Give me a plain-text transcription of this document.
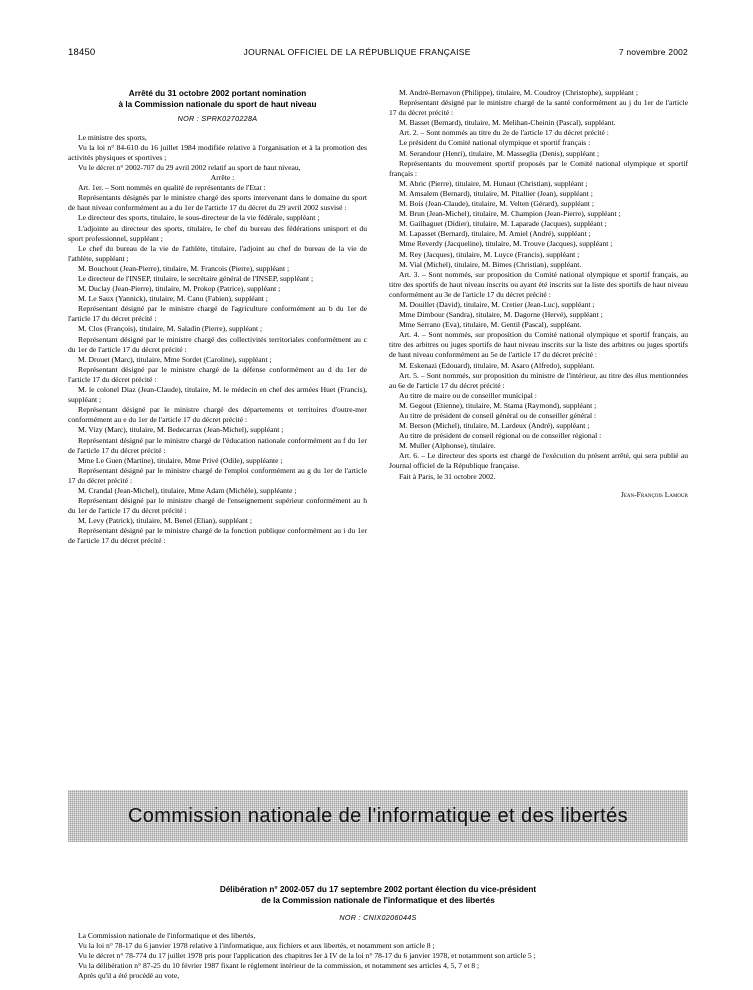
18450	JOURNAL OFFICIEL DE LA RÉPUBLIQUE FRANÇAISE	7 novembre 2002
Arrêté du 31 octobre 2002 portant nomination
à la Commission nationale du sport de haut niveau
NOR : SPRK0270228A

Le ministre des sports,

Vu la loi n° 84-610 du 16 juillet 1984 modifiée relative à l'organisation et à la promotion des activités physiques et sportives ;

Vu le décret n° 2002-707 du 29 avril 2002 relatif au sport de haut niveau,

Arrête :

Art. 1er. – Sont nommés en qualité de représentants de l'Etat :

Représentants désignés par le ministre chargé des sports intervenant dans le domaine du sport de haut niveau conformément au a du 1er de l'article 17 du décret du 29 avril 2002 susvisé :

Le directeur des sports, titulaire, le sous-directeur de la vie fédérale, suppléant ;

L'adjointe au directeur des sports, titulaire, le chef du bureau des fédérations unisport et du sport professionnel, suppléant ;

Le chef du bureau de la vie de l'athlète, titulaire, l'adjoint au chef de bureau de la vie de l'athlète, suppléant ;

M. Bouchout (Jean-Pierre), titulaire, M. Francois (Pierre), suppléant ;

Le directeur de l'INSEP, titulaire, le secrétaire général de l'INSEP, suppléant ;

M. Duclay (Jean-Pierre), titulaire, M. Prokop (Patrice), suppléant ;

M. Le Saux (Yannick), titulaire, M. Canu (Fabien), suppléant ;

Représentant désigné par le ministre chargé de l'agriculture conformément au b du 1er de l'article 17 du décret précité :

M. Clos (François), titulaire, M. Saladin (Pierre), suppléant ;

Représentant désigné par le ministre chargé des collectivités territoriales conformément au c du 1er de l'article 17 du décret précité :

M. Drouet (Marc), titulaire, Mme Sordet (Caroline), suppléant ;

Représentant désigné par le ministre chargé de la défense conformément au d du 1er de l'article 17 du décret précité :

M. le colonel Diaz (Jean-Claude), titulaire, M. le médecin en chef des armées Huet (Francis), suppléant ;

Représentant désigné par le ministre chargé des départements et territoires d'outre-mer conformément au e du 1er de l'article 17 du décret précité :

M. Vizy (Marc), titulaire, M. Bedecarrax (Jean-Michel), suppléant ;

Représentant désigné par le ministre chargé de l'éducation nationale conformément au f du 1er de l'article 17 du décret précité :

Mme Le Guen (Martine), titulaire, Mme Privé (Odile), suppléante ;

Représentant désigné par le ministre chargé de l'emploi conformément au g du 1er de l'article 17 du décret précité :

M. Crandal (Jean-Michel), titulaire, Mme Adam (Michèle), suppléante ;

Représentant désigné par le ministre chargé de l'enseignement supérieur conformément au h du 1er de l'article 17 du décret précité :

M. Levy (Patrick), titulaire, M. Benel (Elian), suppléant ;

Représentant désigné par le ministre chargé de la fonction publique conformément au i du 1er de l'article 17 du décret précité :

M. André-Bernavon (Philippe), titulaire, M. Coudroy (Christophe), suppléant ;

Représentant désigné par le ministre chargé de la santé conformément au j du 1er de l'article 17 du décret précité :

M. Basset (Bernard), titulaire, M. Melihan-Cheinin (Pascal), suppléant.

Art. 2. – Sont nommés au titre du 2e de l'article 17 du décret précité :

Le président du Comité national olympique et sportif français :

M. Serandour (Henri), titulaire, M. Masseglia (Denis), suppléant ;

Représentants du mouvement sportif proposés par le Comité national olympique et sportif français :

M. Abric (Pierre), titulaire, M. Hunaut (Christian), suppléant ;

M. Amsalem (Bernard), titulaire, M. Pitallier (Jean), suppléant ;

M. Bois (Jean-Claude), titulaire, M. Velten (Gérard), suppléant ;

M. Brun (Jean-Michel), titulaire, M. Champion (Jean-Pierre), suppléant ;

M. Gailhaguet (Didier), titulaire, M. Laparade (Jacques), suppléant ;

M. Lapasset (Bernard), titulaire, M. Amiel (André), suppléant ;

Mme Reverdy (Jacqueline), titulaire, M. Trouve (Jacques), suppléant ;

M. Rey (Jacques), titulaire, M. Luyce (Francis), suppléant ;

M. Vial (Michel), titulaire, M. Bimes (Christian), suppléant.

Art. 3. – Sont nommés, sur proposition du Comité national olympique et sportif français, au titre des sportifs de haut niveau inscrits ou ayant été inscrits sur la liste des sportifs de haut niveau conformément au 3e de l'article 17 du décret précité :

M. Douillet (David), titulaire, M. Cretier (Jean-Luc), suppléant ;

Mme Dimbour (Sandra), titulaire, M. Dagorne (Hervé), suppléant ;

Mme Serrano (Eva), titulaire, M. Gentil (Pascal), suppléant.

Art. 4. – Sont nommés, sur proposition du Comité national olympique et sportif français, au titre des arbitres ou juges sportifs de haut niveau inscrits sur la liste des arbitres ou juges sportifs de haut niveau conformément au 5e de l'article 17 du décret précité :

M. Eskenazi (Edouard), titulaire, M. Asaro (Alfredo), suppléant.

Art. 5. – Sont nommés, sur proposition du ministre de l'intérieur, au titre des élus mentionnées au 6e de l'article 17 du décret précité :

Au titre de maire ou de conseiller municipal :

M. Gegout (Etienne), titulaire, M. Stama (Raymond), suppléant ;

Au titre de président de conseil général ou de conseiller général :

M. Berson (Michel), titulaire, M. Lardeux (André), suppléant ;

Au titre de président de conseil régional ou de conseiller régional :

M. Muller (Alphonse), titulaire.

Art. 6. – Le directeur des sports est chargé de l'exécution du présent arrêté, qui sera publié au Journal officiel de la République française.

Fait à Paris, le 31 octobre 2002.

Jean-François Lamour
Commission nationale de l'informatique et des libertés
Délibération n° 2002-057 du 17 septembre 2002 portant élection du vice-président
de la Commission nationale de l'informatique et des libertés
NOR : CNIX0206044S

La Commission nationale de l'informatique et des libertés,

Vu la loi n° 78-17 du 6 janvier 1978 relative à l'informatique, aux fichiers et aux libertés, et notamment son article 8 ;

Vu le décret n° 78-774 du 17 juillet 1978 pris pour l'application des chapitres Ier à IV de la loi n° 78-17 du 6 janvier 1978, et notamment son article 5 ;

Vu la délibération n° 87-25 du 10 février 1987 fixant le règlement intérieur de la commission, et notamment ses articles 4, 5, 7 et 8 ;

Après qu'il a été procédé au vote,
